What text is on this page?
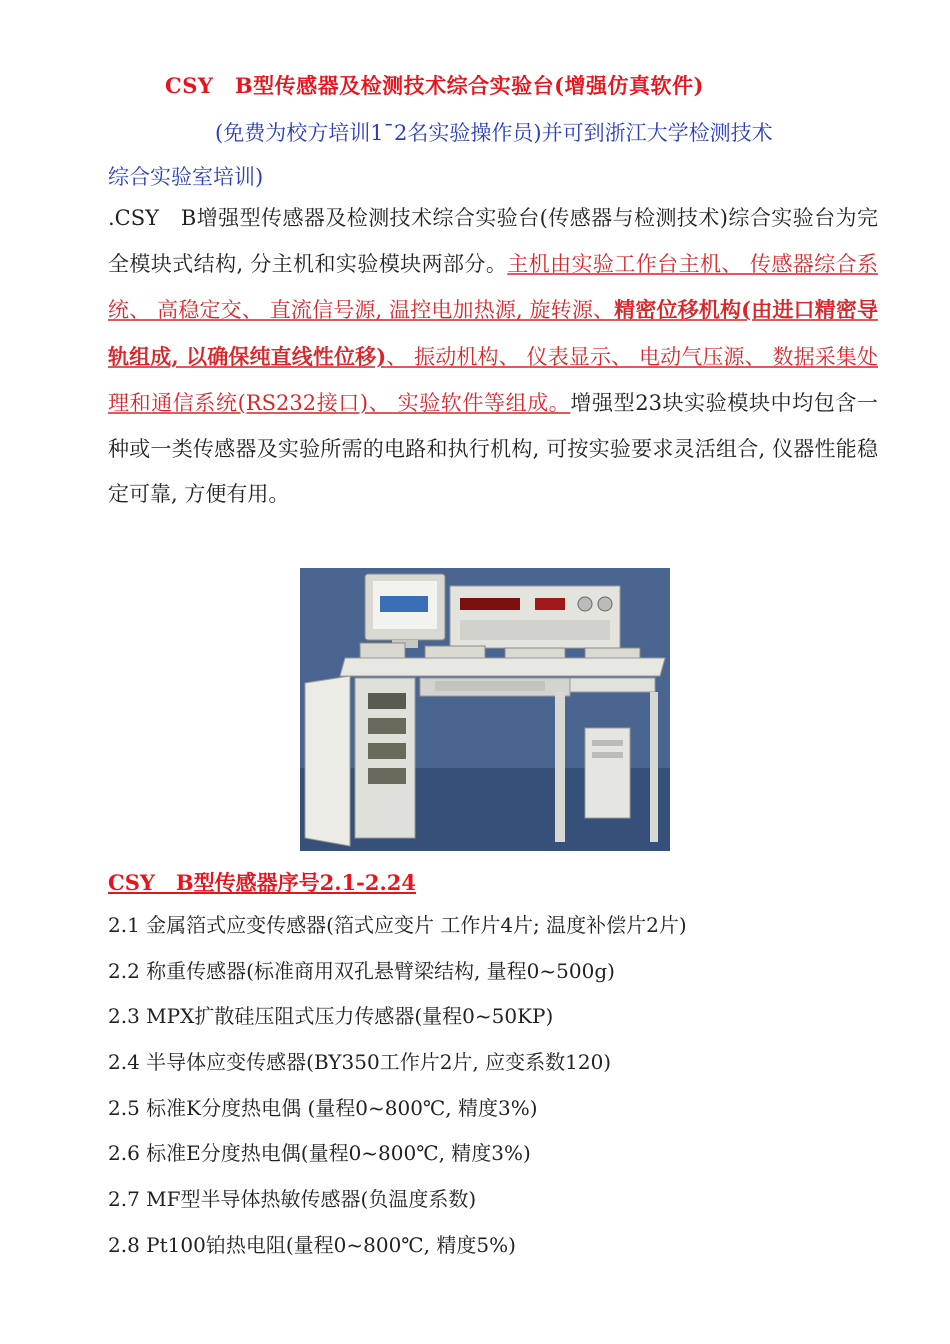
CSY　B型传感器及检测技术综合实验台(增强仿真软件)
(免费为校方培训1¯2名实验操作员)并可到浙江大学检测技术
综合实验室培训)
.CSY　B增强型传感器及检测技术综合实验台(传感器与检测技术)综合实验台为完全模块式结构, 分主机和实验模块两部分。主机由实验工作台主机、 传感器综合系统、 高稳定交、 直流信号源, 温控电加热源, 旋转源、精密位移机构(由进口精密导轨组成, 以确保纯直线性位移)、 振动机构、 仪表显示、 电动气压源、 数据采集处理和通信系统(RS232接口)、 实验软件等组成。增强型23块实验模块中均包含一种或一类传感器及实验所需的电路和执行机构, 可按实验要求灵活组合, 仪器性能稳定可靠, 方便有用。
CSY　B型传感器序号2.1-2.24
2.1 金属箔式应变传感器(箔式应变片 工作片4片; 温度补偿片2片)
2.2 称重传感器(标准商用双孔悬臂梁结构, 量程0~500g)
2.3 MPX扩散硅压阻式压力传感器(量程0~50KP)
2.4 半导体应变传感器(BY350工作片2片, 应变系数120)
2.5 标准K分度热电偶 (量程0~800℃, 精度3%)
2.6 标准E分度热电偶(量程0~800℃, 精度3%)
2.7 MF型半导体热敏传感器(负温度系数)
2.8 Pt100铂热电阻(量程0~800℃, 精度5%)
